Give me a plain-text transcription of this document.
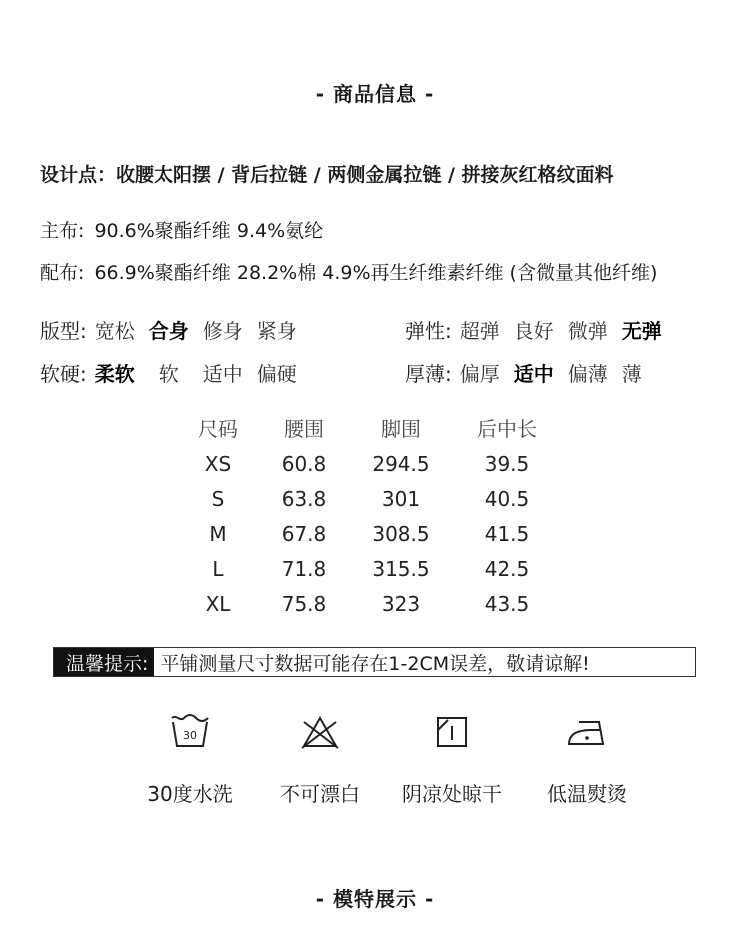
- 商品信息 -
设计点：收腰太阳摆 / 背后拉链 / 两侧金属拉链 / 拼接灰红格纹面料
主布: 90.6%聚酯纤维 9.4%氨纶
配布: 66.9%聚酯纤维 28.2%棉 4.9%再生纤维素纤维 (含微量其他纤维)
版型: 宽松 合身 修身 紧身	弹性: 超弹 良好 微弹 无弹
软硬: 柔软 软 适中 偏硬	厚薄: 偏厚 适中 偏薄 薄
尺码	腰围	脚围	后中长
XS	60.8	294.5	39.5
S	63.8	301	40.5
M	67.8	308.5	41.5
L	71.8	315.5	42.5
XL	75.8	323	43.5
温馨提示: 平铺测量尺寸数据可能存在1-2CM误差，敬请谅解!
30
30度水洗 不可漂白 阴凉处晾干 低温熨烫
- 模特展示 -
